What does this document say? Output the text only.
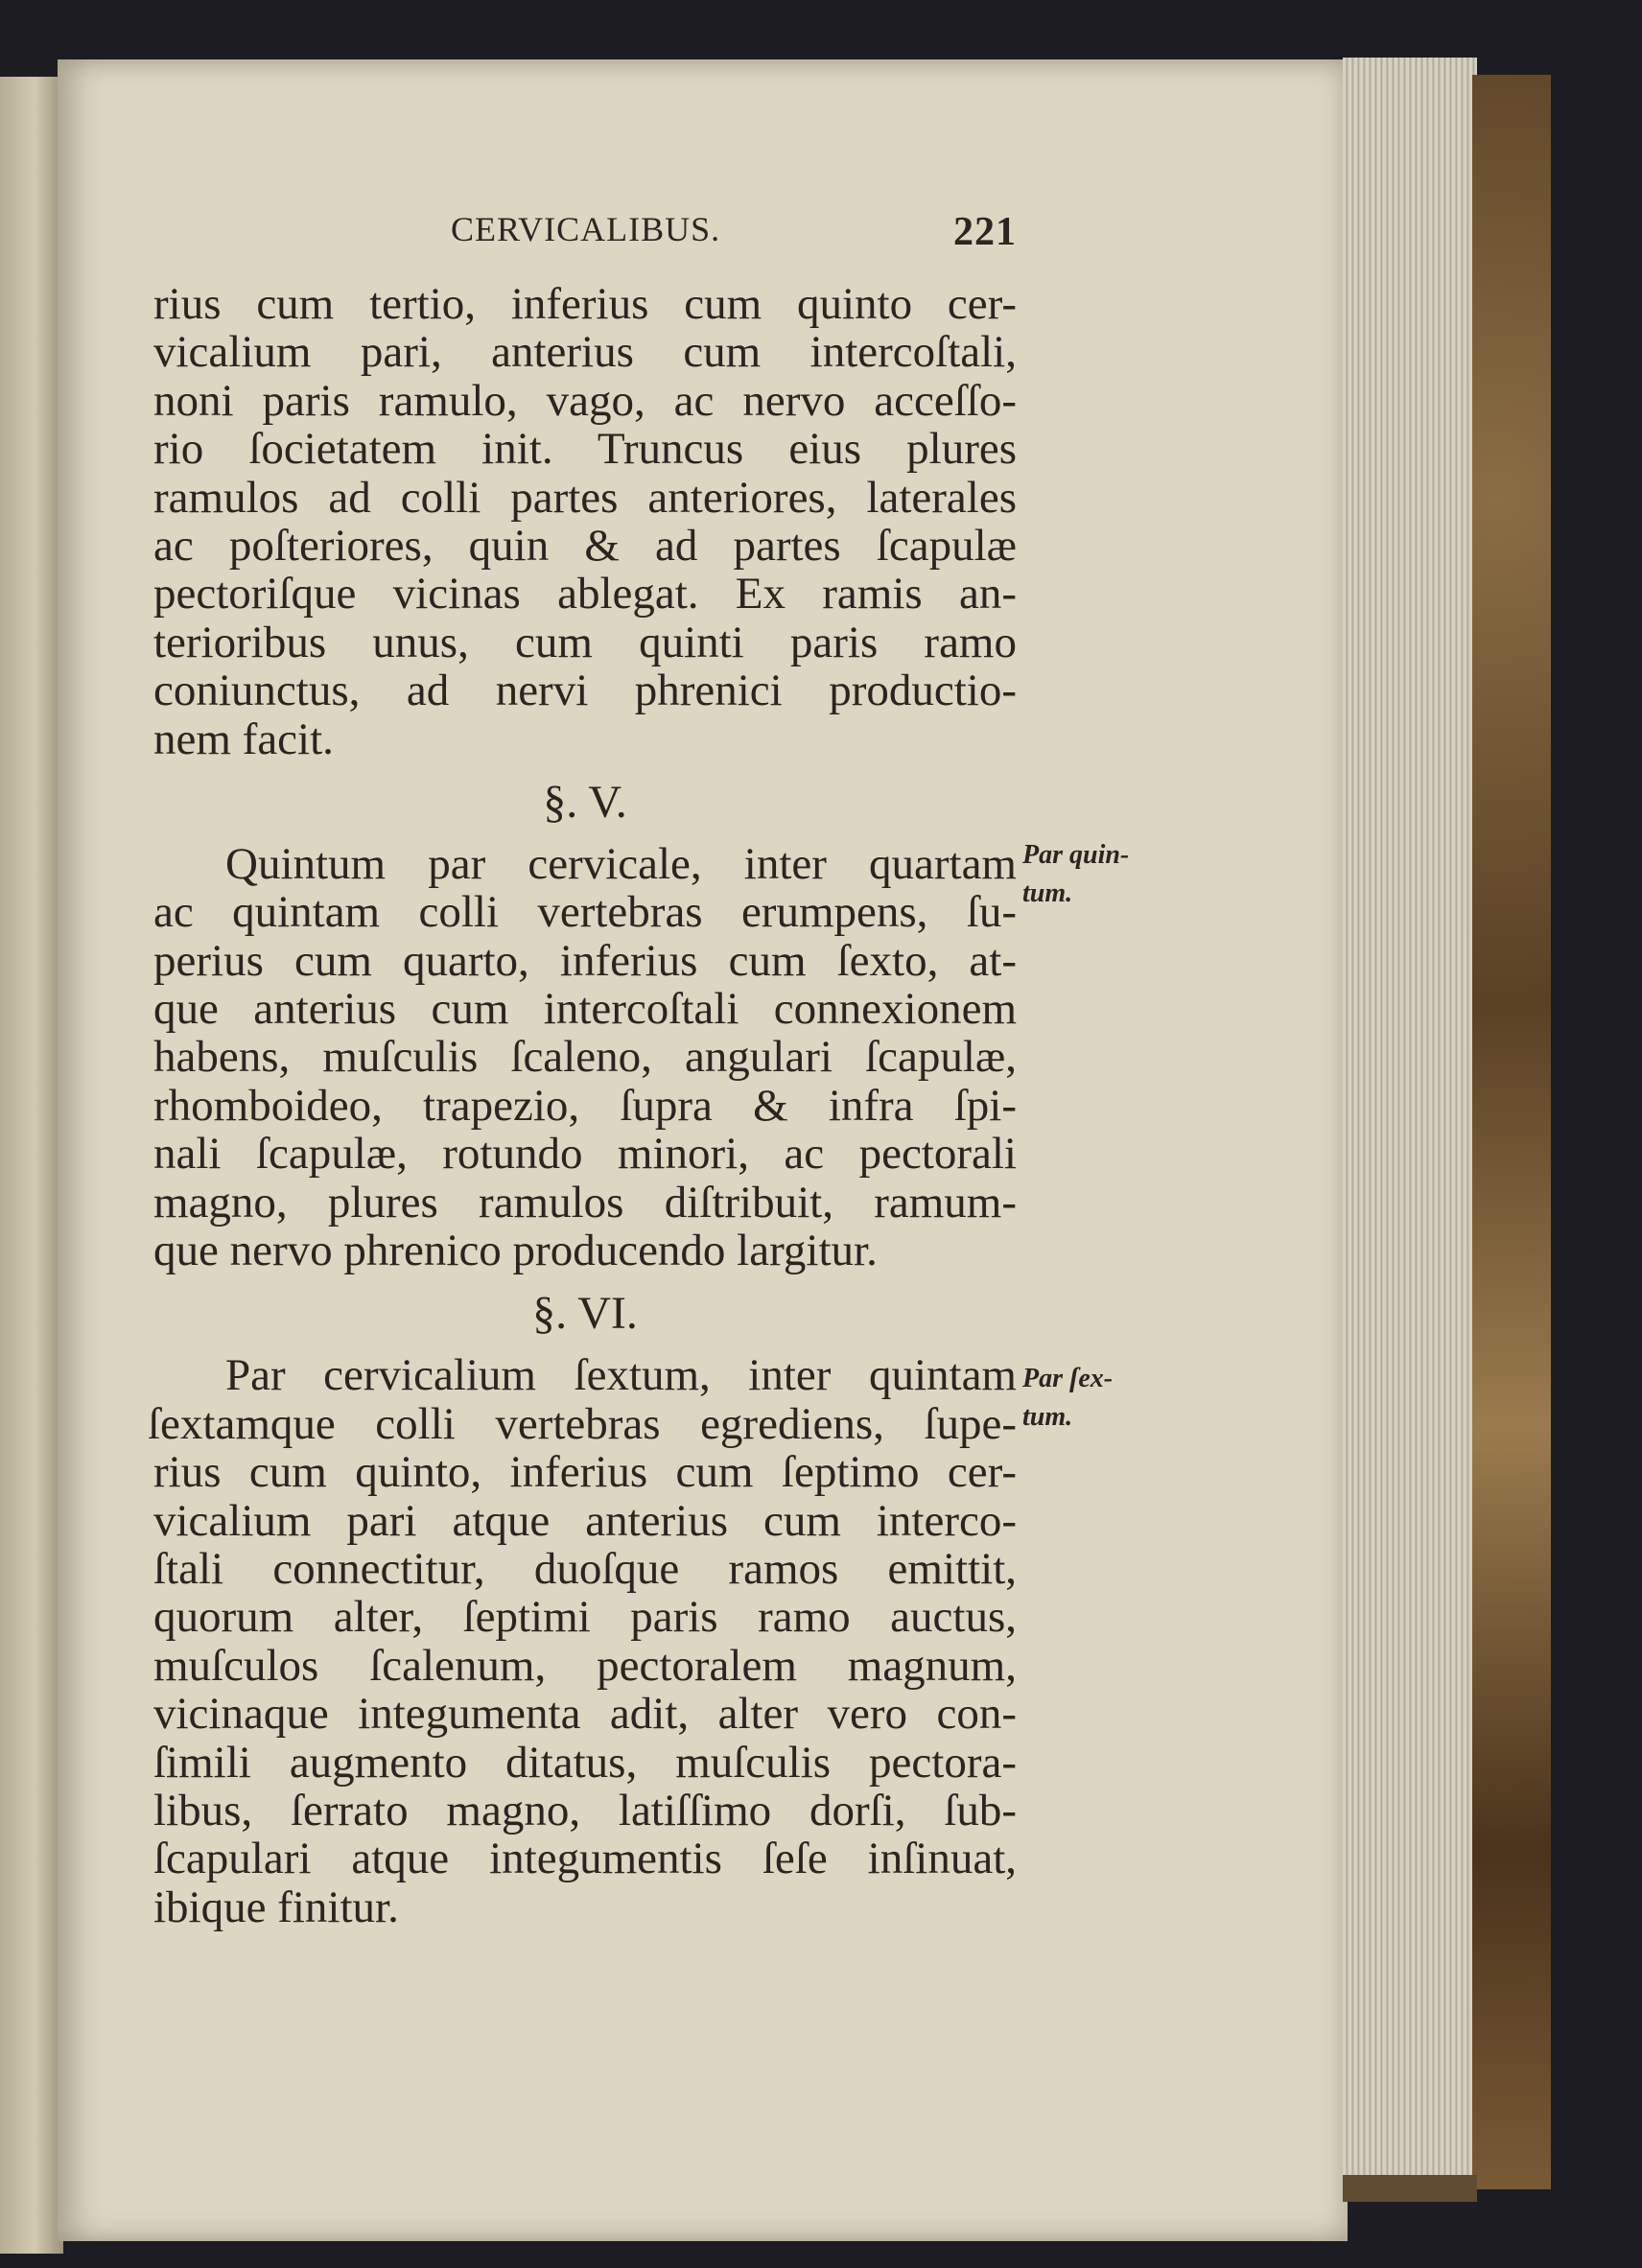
CERVICALIBUS.	221
rius cum tertio, inferius cum quinto cer-
vicalium pari, anterius cum intercoſtali,
noni paris ramulo, vago, ac nervo acceſſo-
rio ſocietatem init. Truncus eius plures
ramulos ad colli partes anteriores, laterales
ac poſteriores, quin & ad partes ſcapulæ
pectoriſque vicinas ablegat. Ex ramis an-
terioribus unus, cum quinti paris ramo
coniunctus, ad nervi phrenici productio-
nem facit.
§. V.
Quintum par cervicale, inter quartam
ac quintam colli vertebras erumpens, ſu-
perius cum quarto, inferius cum ſexto, at-
que anterius cum intercoſtali connexionem
habens, muſculis ſcaleno, angulari ſcapulæ,
rhomboideo, trapezio, ſupra & infra ſpi-
nali ſcapulæ, rotundo minori, ac pectorali
magno, plures ramulos diſtribuit, ramum-
que nervo phrenico producendo largitur.
§. VI.
Par cervicalium ſextum, inter quintam
ſextamque colli vertebras egrediens, ſupe-
rius cum quinto, inferius cum ſeptimo cer-
vicalium pari atque anterius cum interco-
ſtali connectitur, duoſque ramos emittit,
quorum alter, ſeptimi paris ramo auctus,
muſculos ſcalenum, pectoralem magnum,
vicinaque integumenta adit, alter vero con-
ſimili augmento ditatus, muſculis pectora-
libus, ſerrato magno, latiſſimo dorſi, ſub-
ſcapulari atque integumentis ſeſe inſinuat,
ibique finitur.
Par quin-
tum.
Par ſex-
tum.
